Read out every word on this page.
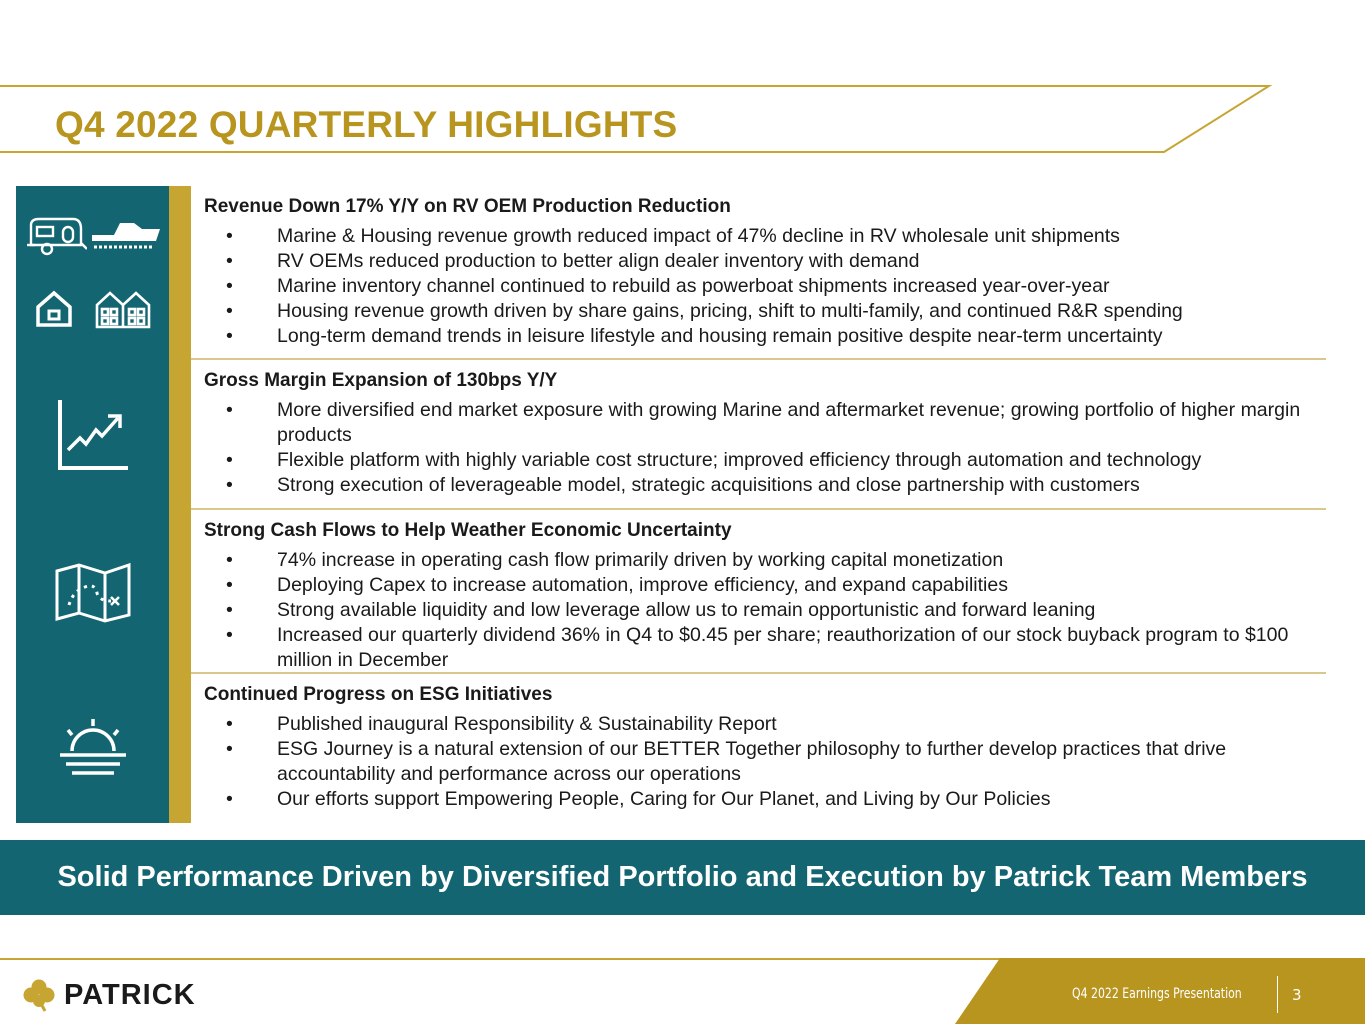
Q4 2022 QUARTERLY HIGHLIGHTS
Revenue Down 17% Y/Y on RV OEM Production Reduction
• Marine & Housing revenue growth reduced impact of 47% decline in RV wholesale unit shipments
• RV OEMs reduced production to better align dealer inventory with demand
• Marine inventory channel continued to rebuild as powerboat shipments increased year-over-year
• Housing revenue growth driven by share gains, pricing, shift to multi-family, and continued R&R spending
• Long-term demand trends in leisure lifestyle and housing remain positive despite near-term uncertainty
Gross Margin Expansion of 130bps Y/Y
• More diversified end market exposure with growing Marine and aftermarket revenue; growing portfolio of higher margin products
• Flexible platform with highly variable cost structure; improved efficiency through automation and technology
• Strong execution of leverageable model, strategic acquisitions and close partnership with customers
Strong Cash Flows to Help Weather Economic Uncertainty
• 74% increase in operating cash flow primarily driven by working capital monetization
• Deploying Capex to increase automation, improve efficiency, and expand capabilities
• Strong available liquidity and low leverage allow us to remain opportunistic and forward leaning
• Increased our quarterly dividend 36% in Q4 to $0.45 per share; reauthorization of our stock buyback program to $100 million in December
Continued Progress on ESG Initiatives
• Published inaugural Responsibility & Sustainability Report
• ESG Journey is a natural extension of our BETTER Together philosophy to further develop practices that drive accountability and performance across our operations
• Our efforts support Empowering People, Caring for Our Planet, and Living by Our Policies
Solid Performance Driven by Diversified Portfolio and Execution by Patrick Team Members
PATRICK	Q4 2022 Earnings Presentation	3
